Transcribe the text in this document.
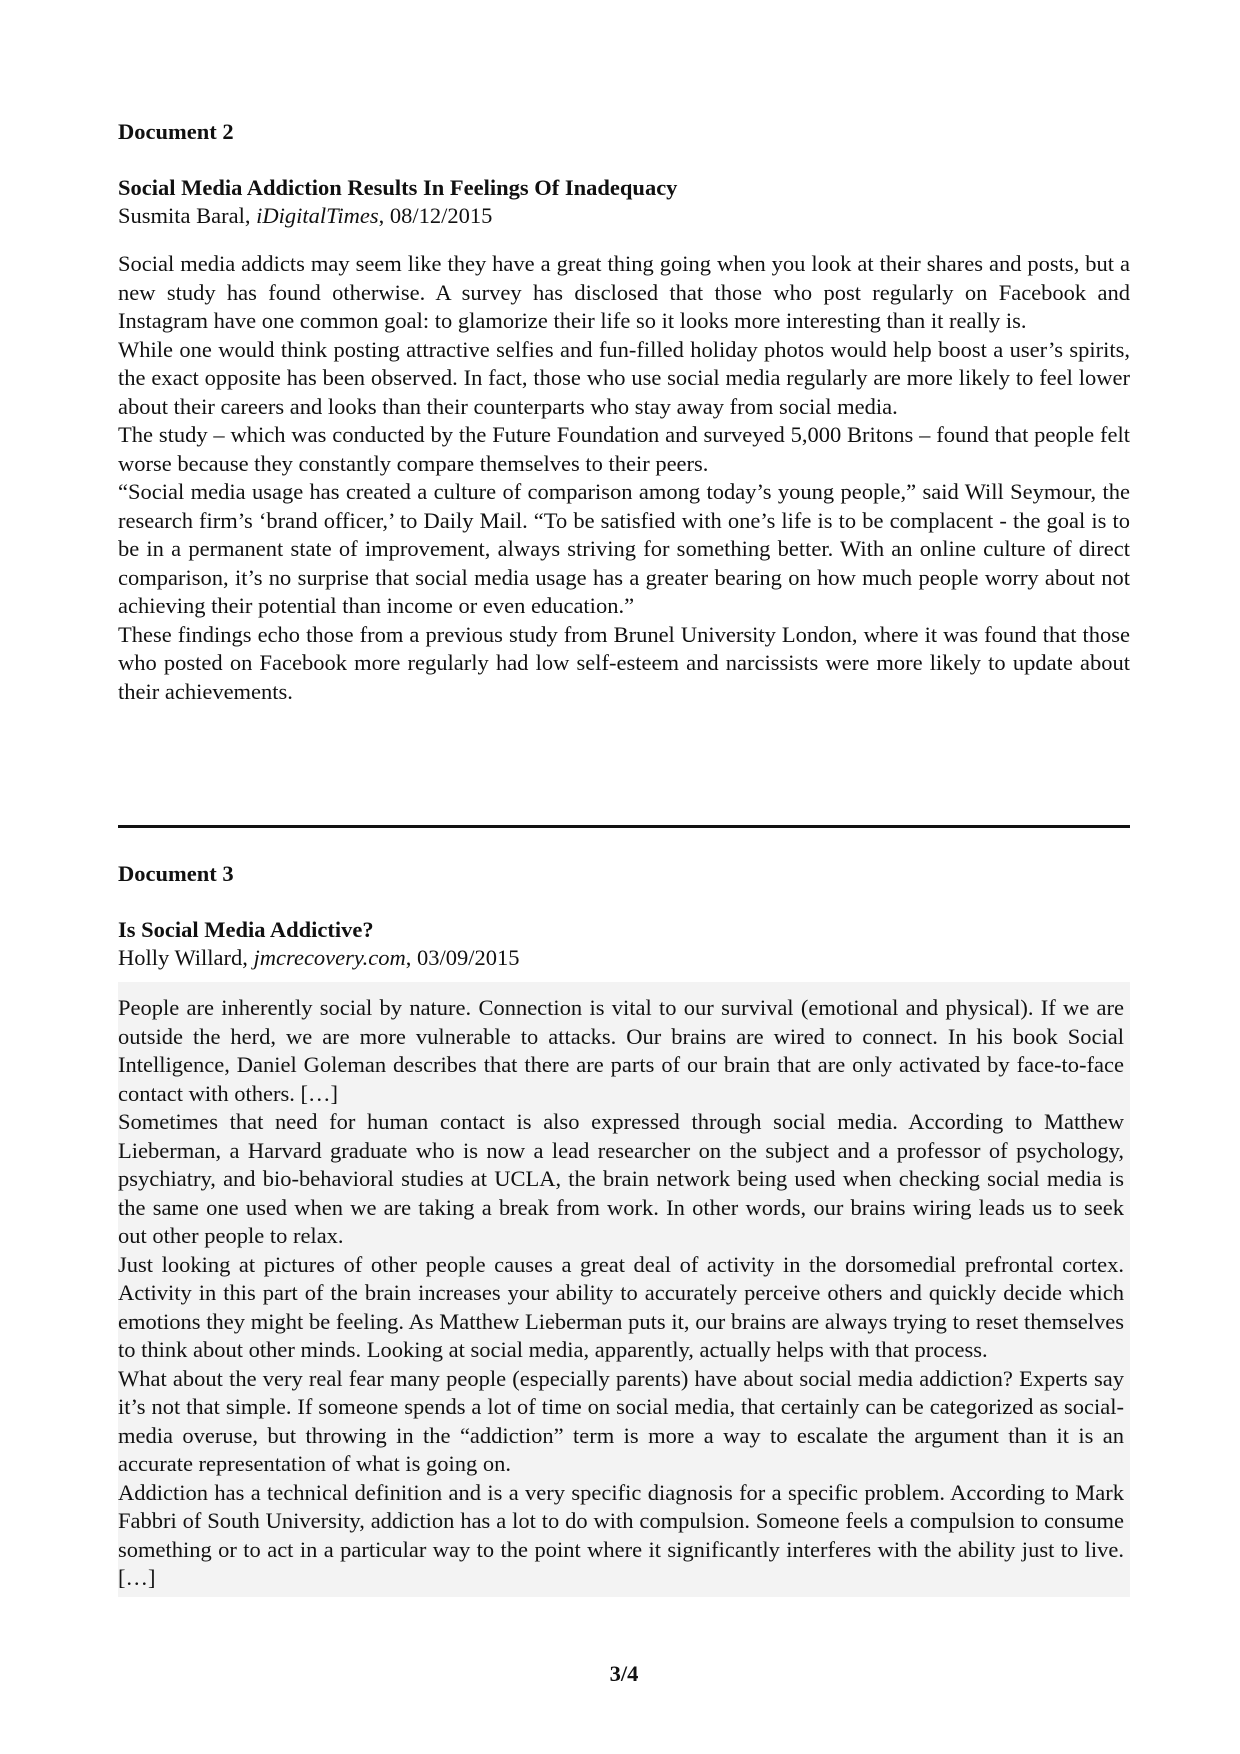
Document 2

Social Media Addiction Results In Feelings Of Inadequacy

Susmita Baral, iDigitalTimes, 08/12/2015

Social media addicts may seem like they have a great thing going when you look at their shares and posts, but a new study has found otherwise. A survey has disclosed that those who post regularly on Facebook and Instagram have one common goal: to glamorize their life so it looks more interesting than it really is.

While one would think posting attractive selfies and fun-filled holiday photos would help boost a user’s spirits, the exact opposite has been observed. In fact, those who use social media regularly are more likely to feel lower about their careers and looks than their counterparts who stay away from social media.

The study – which was conducted by the Future Foundation and surveyed 5,000 Britons – found that people felt worse because they constantly compare themselves to their peers.

“Social media usage has created a culture of comparison among today’s young people,” said Will Seymour, the research firm’s ‘brand officer,’ to Daily Mail. “To be satisfied with one’s life is to be complacent - the goal is to be in a permanent state of improvement, always striving for something better. With an online culture of direct comparison, it’s no surprise that social media usage has a greater bearing on how much people worry about not achieving their potential than income or even education.”

These findings echo those from a previous study from Brunel University London, where it was found that those who posted on Facebook more regularly had low self-esteem and narcissists were more likely to update about their achievements.

Document 3

Is Social Media Addictive?

Holly Willard, jmcrecovery.com, 03/09/2015

People are inherently social by nature. Connection is vital to our survival (emotional and physical). If we are outside the herd, we are more vulnerable to attacks. Our brains are wired to connect. In his book Social Intelligence, Daniel Goleman describes that there are parts of our brain that are only activated by face-to-face contact with others. […]

Sometimes that need for human contact is also expressed through social media. According to Matthew Lieberman, a Harvard graduate who is now a lead researcher on the subject and a professor of psychology, psychiatry, and bio-behavioral studies at UCLA, the brain network being used when checking social media is the same one used when we are taking a break from work. In other words, our brains wiring leads us to seek out other people to relax.

Just looking at pictures of other people causes a great deal of activity in the dorsomedial prefrontal cortex. Activity in this part of the brain increases your ability to accurately perceive others and quickly decide which emotions they might be feeling. As Matthew Lieberman puts it, our brains are always trying to reset themselves to think about other minds. Looking at social media, apparently, actually helps with that process.

What about the very real fear many people (especially parents) have about social media addiction? Experts say it’s not that simple. If someone spends a lot of time on social media, that certainly can be categorized as social-media overuse, but throwing in the “addiction” term is more a way to escalate the argument than it is an accurate representation of what is going on.

Addiction has a technical definition and is a very specific diagnosis for a specific problem. According to Mark Fabbri of South University, addiction has a lot to do with compulsion. Someone feels a compulsion to consume something or to act in a particular way to the point where it significantly interferes with the ability just to live. […]

3/4
